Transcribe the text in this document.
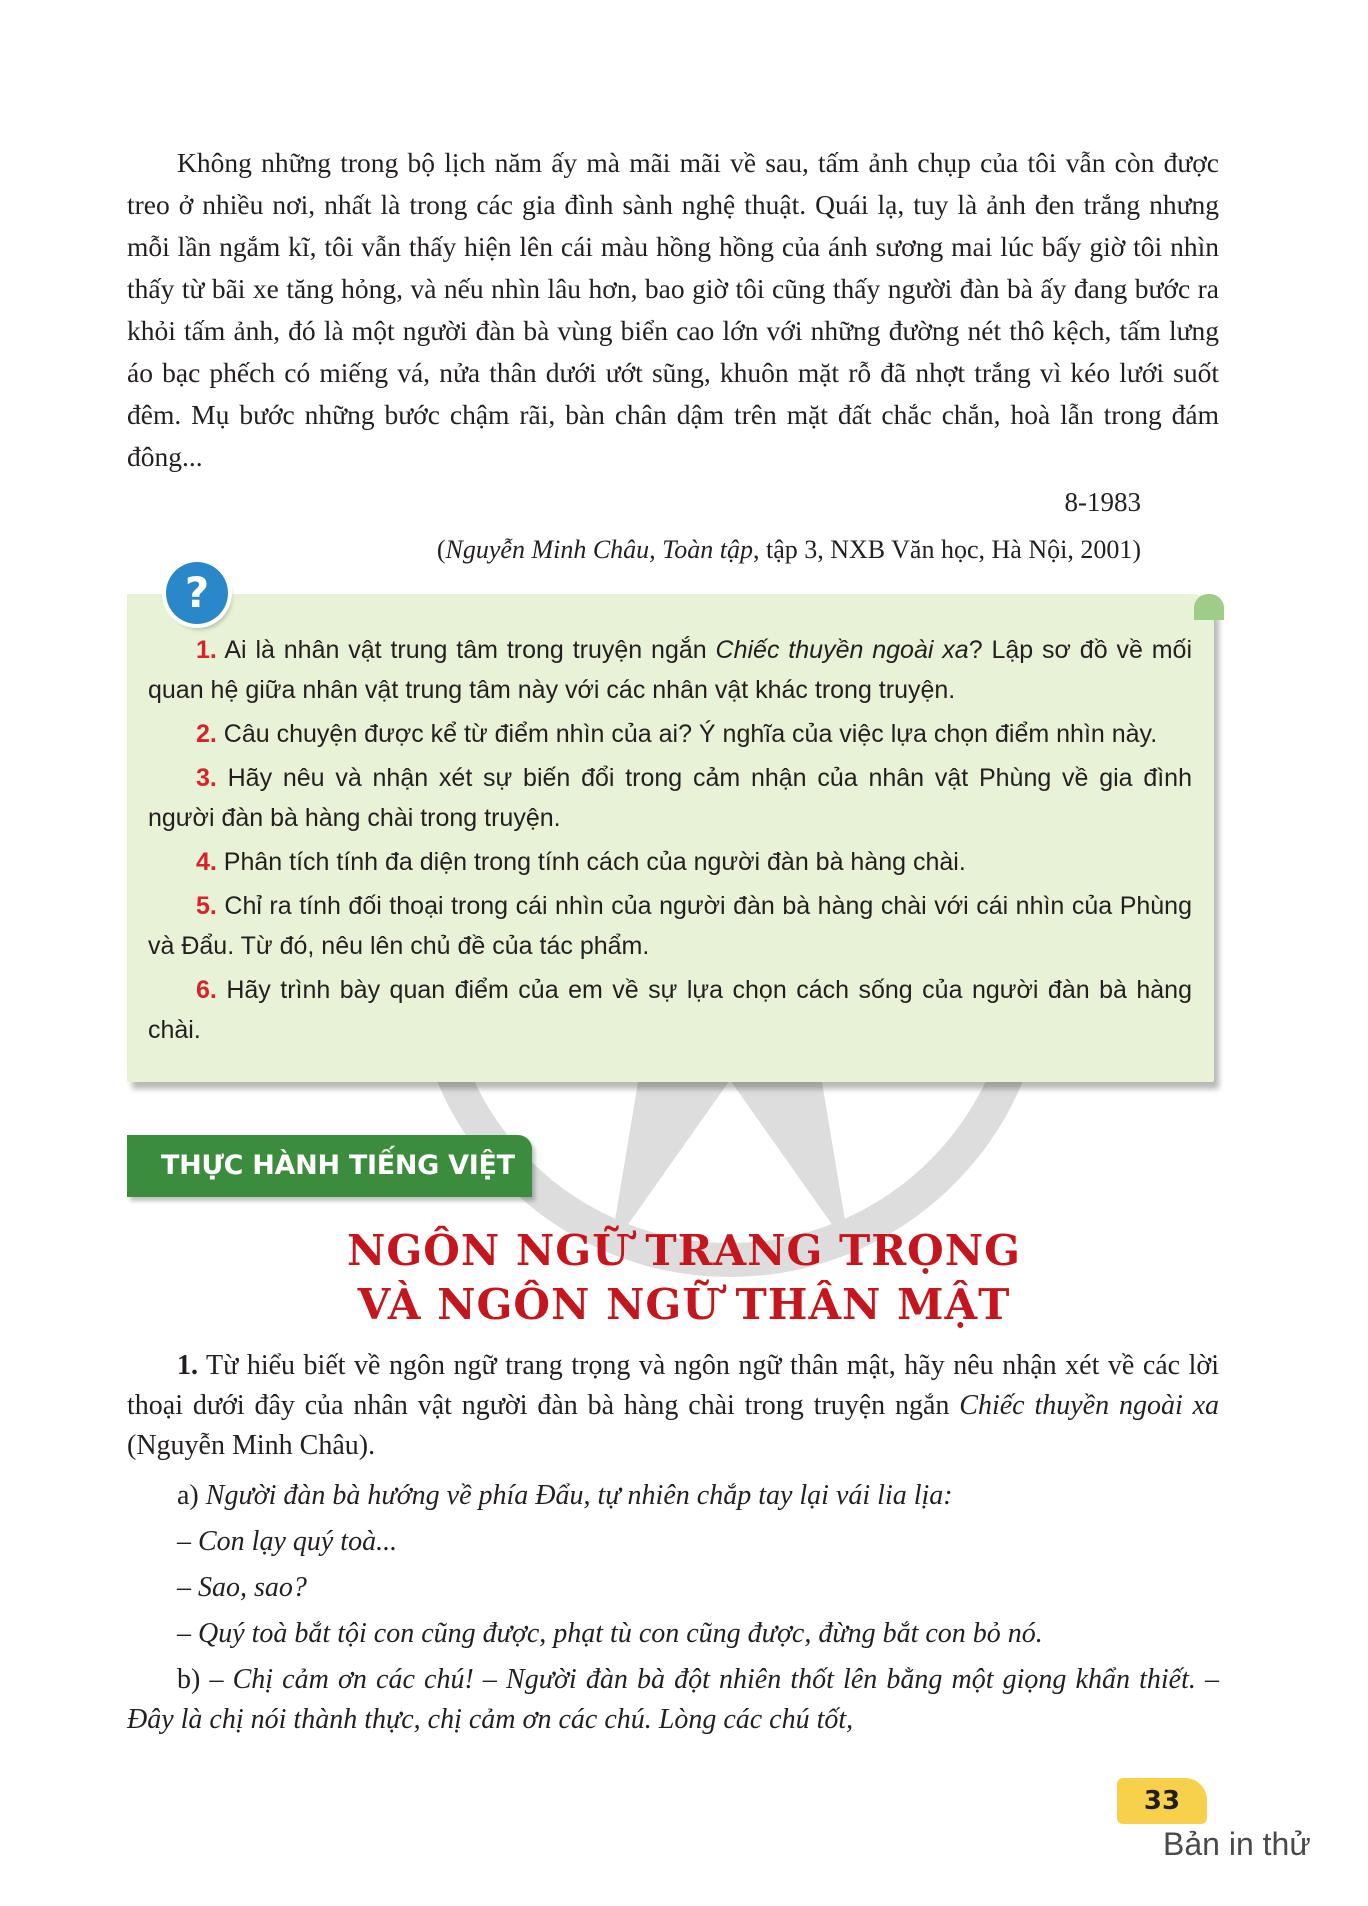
Không những trong bộ lịch năm ấy mà mãi mãi về sau, tấm ảnh chụp của tôi vẫn còn được treo ở nhiều nơi, nhất là trong các gia đình sành nghệ thuật. Quái lạ, tuy là ảnh đen trắng nhưng mỗi lần ngắm kĩ, tôi vẫn thấy hiện lên cái màu hồng hồng của ánh sương mai lúc bấy giờ tôi nhìn thấy từ bãi xe tăng hỏng, và nếu nhìn lâu hơn, bao giờ tôi cũng thấy người đàn bà ấy đang bước ra khỏi tấm ảnh, đó là một người đàn bà vùng biển cao lớn với những đường nét thô kệch, tấm lưng áo bạc phếch có miếng vá, nửa thân dưới ướt sũng, khuôn mặt rỗ đã nhợt trắng vì kéo lưới suốt đêm. Mụ bước những bước chậm rãi, bàn chân dậm trên mặt đất chắc chắn, hoà lẫn trong đám đông...

8-1983
(Nguyễn Minh Châu, Toàn tập, tập 3, NXB Văn học, Hà Nội, 2001)
?

1. Ai là nhân vật trung tâm trong truyện ngắn Chiếc thuyền ngoài xa? Lập sơ đồ về mối quan hệ giữa nhân vật trung tâm này với các nhân vật khác trong truyện.

2. Câu chuyện được kể từ điểm nhìn của ai? Ý nghĩa của việc lựa chọn điểm nhìn này.

3. Hãy nêu và nhận xét sự biến đổi trong cảm nhận của nhân vật Phùng về gia đình người đàn bà hàng chài trong truyện.

4. Phân tích tính đa diện trong tính cách của người đàn bà hàng chài.

5. Chỉ ra tính đối thoại trong cái nhìn của người đàn bà hàng chài với cái nhìn của Phùng và Đẩu. Từ đó, nêu lên chủ đề của tác phẩm.

6. Hãy trình bày quan điểm của em về sự lựa chọn cách sống của người đàn bà hàng chài.

THỰC HÀNH TIẾNG VIỆT
NGÔN NGỮ TRANG TRỌNG
VÀ NGÔN NGỮ THÂN MẬT

1. Từ hiểu biết về ngôn ngữ trang trọng và ngôn ngữ thân mật, hãy nêu nhận xét về các lời thoại dưới đây của nhân vật người đàn bà hàng chài trong truyện ngắn Chiếc thuyền ngoài xa (Nguyễn Minh Châu).

a) Người đàn bà hướng về phía Đẩu, tự nhiên chắp tay lại vái lia lịa:

– Con lạy quý toà...

– Sao, sao?

– Quý toà bắt tội con cũng được, phạt tù con cũng được, đừng bắt con bỏ nó.

b) – Chị cảm ơn các chú! – Người đàn bà đột nhiên thốt lên bằng một giọng khẩn thiết. – Đây là chị nói thành thực, chị cảm ơn các chú. Lòng các chú tốt,

33
Bản in thử
